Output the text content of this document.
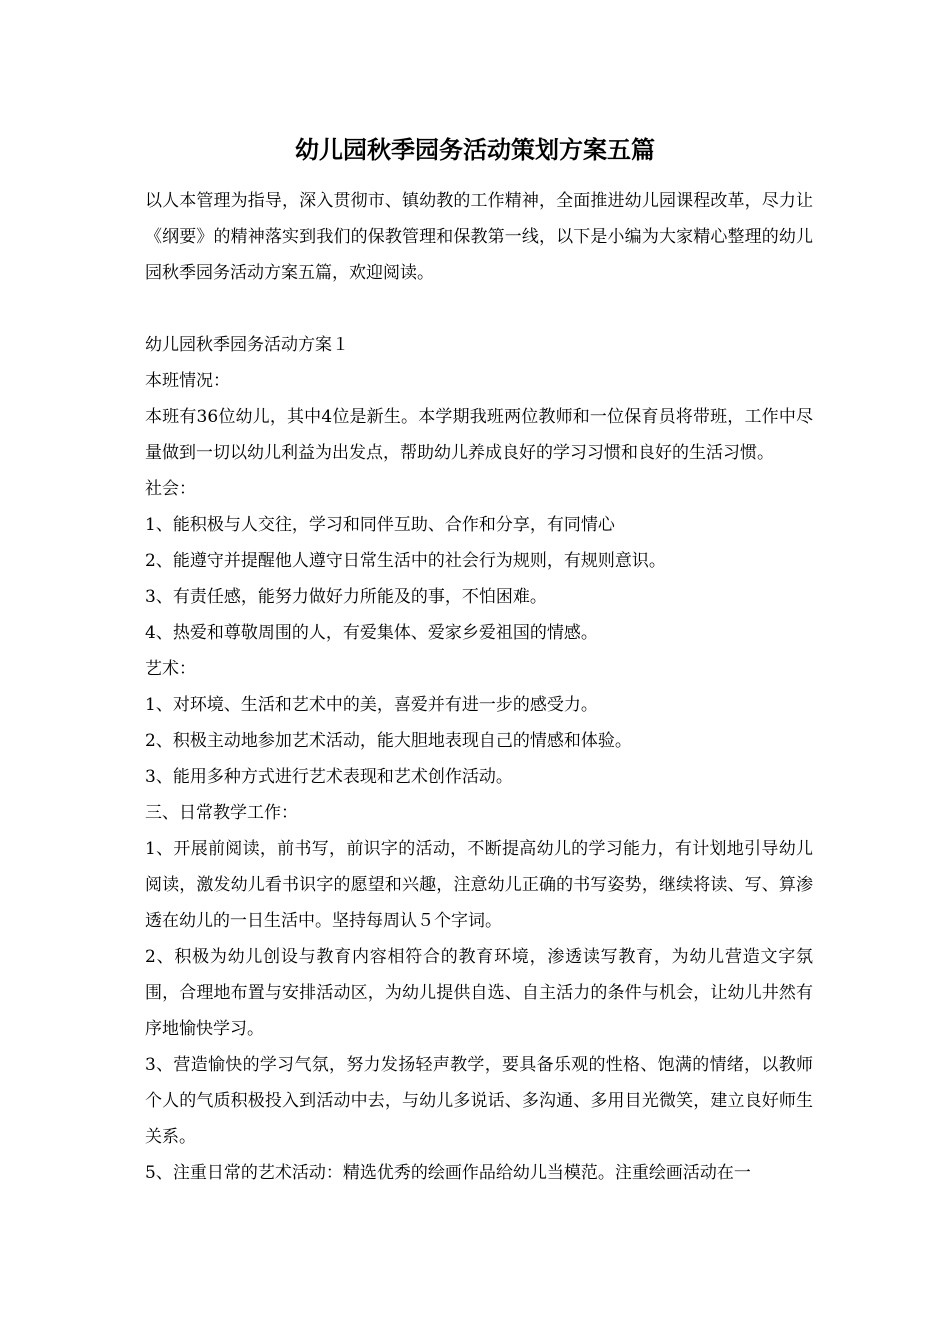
幼儿园秋季园务活动策划方案五篇

以人本管理为指导，深入贯彻市、镇幼教的工作精神，全面推进幼儿园课程改革，尽力让《纲要》的精神落实到我们的保教管理和保教第一线，以下是小编为大家精心整理的幼儿园秋季园务活动方案五篇，欢迎阅读。

幼儿园秋季园务活动方案１

本班情况：

本班有36位幼儿，其中4位是新生。本学期我班两位教师和一位保育员将带班，工作中尽量做到一切以幼儿利益为出发点，帮助幼儿养成良好的学习习惯和良好的生活习惯。

社会：

1、能积极与人交往，学习和同伴互助、合作和分享，有同情心

2、能遵守并提醒他人遵守日常生活中的社会行为规则，有规则意识。

3、有责任感，能努力做好力所能及的事，不怕困难。

4、热爱和尊敬周围的人，有爱集体、爱家乡爱祖国的情感。

艺术：

1、对环境、生活和艺术中的美，喜爱并有进一步的感受力。

2、积极主动地参加艺术活动，能大胆地表现自己的情感和体验。

3、能用多种方式进行艺术表现和艺术创作活动。

三、日常教学工作：

1、开展前阅读，前书写，前识字的活动，不断提高幼儿的学习能力，有计划地引导幼儿阅读，激发幼儿看书识字的愿望和兴趣，注意幼儿正确的书写姿势，继续将读、写、算渗透在幼儿的一日生活中。坚持每周认５个字词。

2、积极为幼儿创设与教育内容相符合的教育环境，渗透读写教育，为幼儿营造文字氛围，合理地布置与安排活动区，为幼儿提供自选、自主活力的条件与机会，让幼儿井然有序地愉快学习。

3、营造愉快的学习气氛，努力发扬轻声教学，要具备乐观的性格、饱满的情绪，以教师个人的气质积极投入到活动中去，与幼儿多说话、多沟通、多用目光微笑，建立良好师生关系。

5、注重日常的艺术活动：精选优秀的绘画作品给幼儿当模范。注重绘画活动在一
